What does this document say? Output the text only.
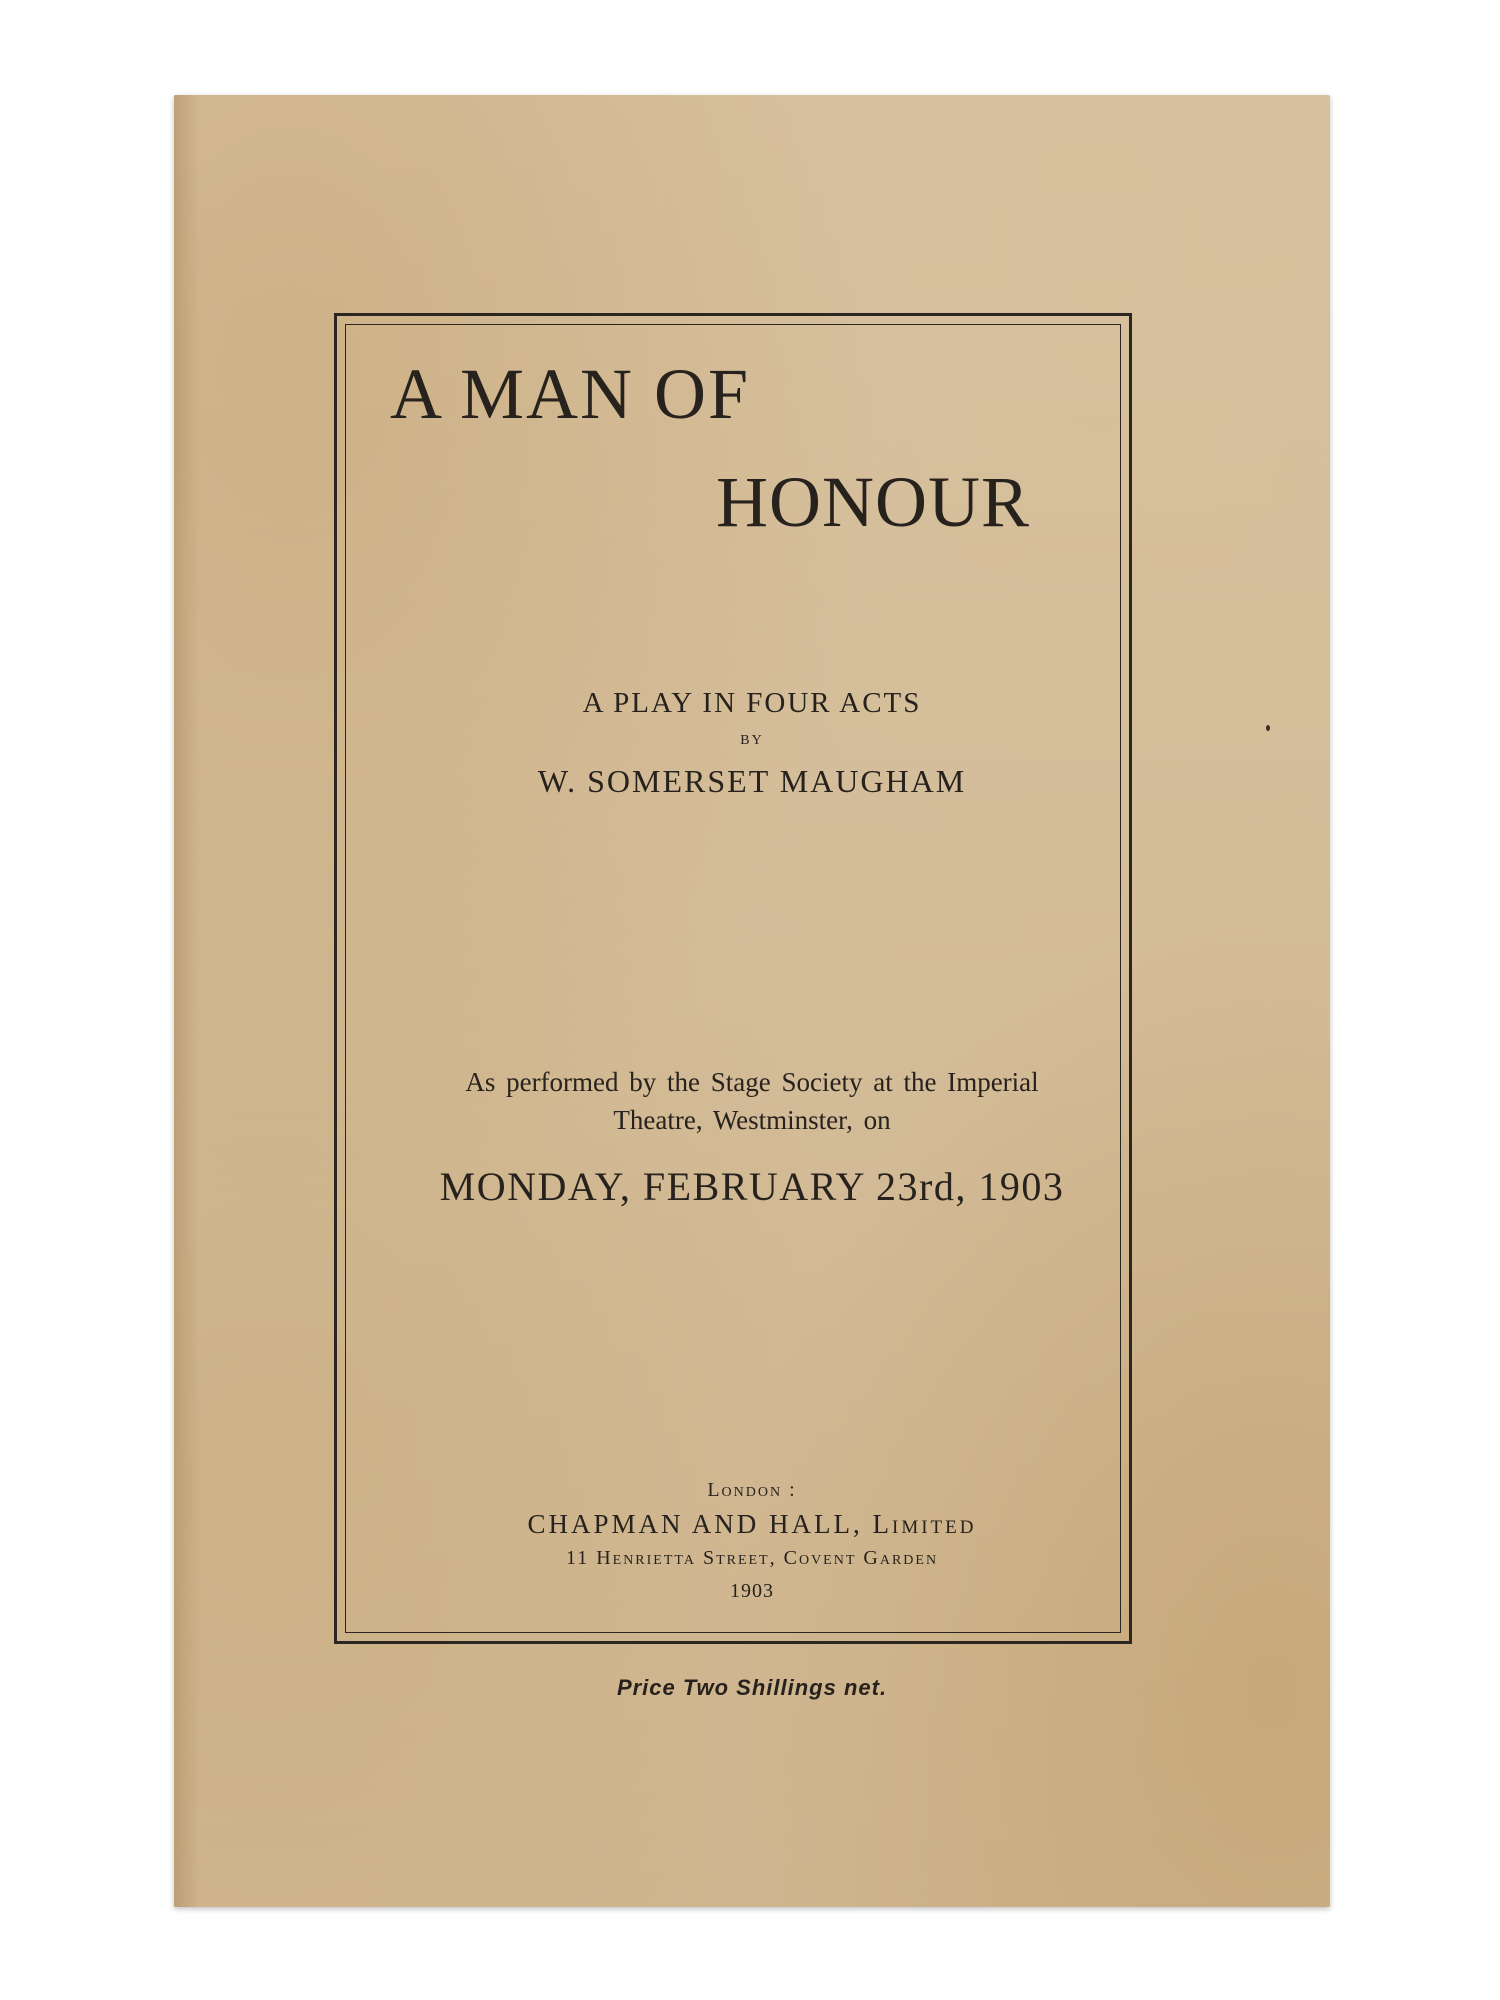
A MAN OF
HONOUR
A PLAY IN FOUR ACTS
BY
W. SOMERSET MAUGHAM
As performed by the Stage Society at the Imperial
Theatre, Westminster, on
MONDAY, FEBRUARY 23rd, 1903
London :
CHAPMAN AND HALL, Limited
11 Henrietta Street, Covent Garden
1903
Price Two Shillings net.
